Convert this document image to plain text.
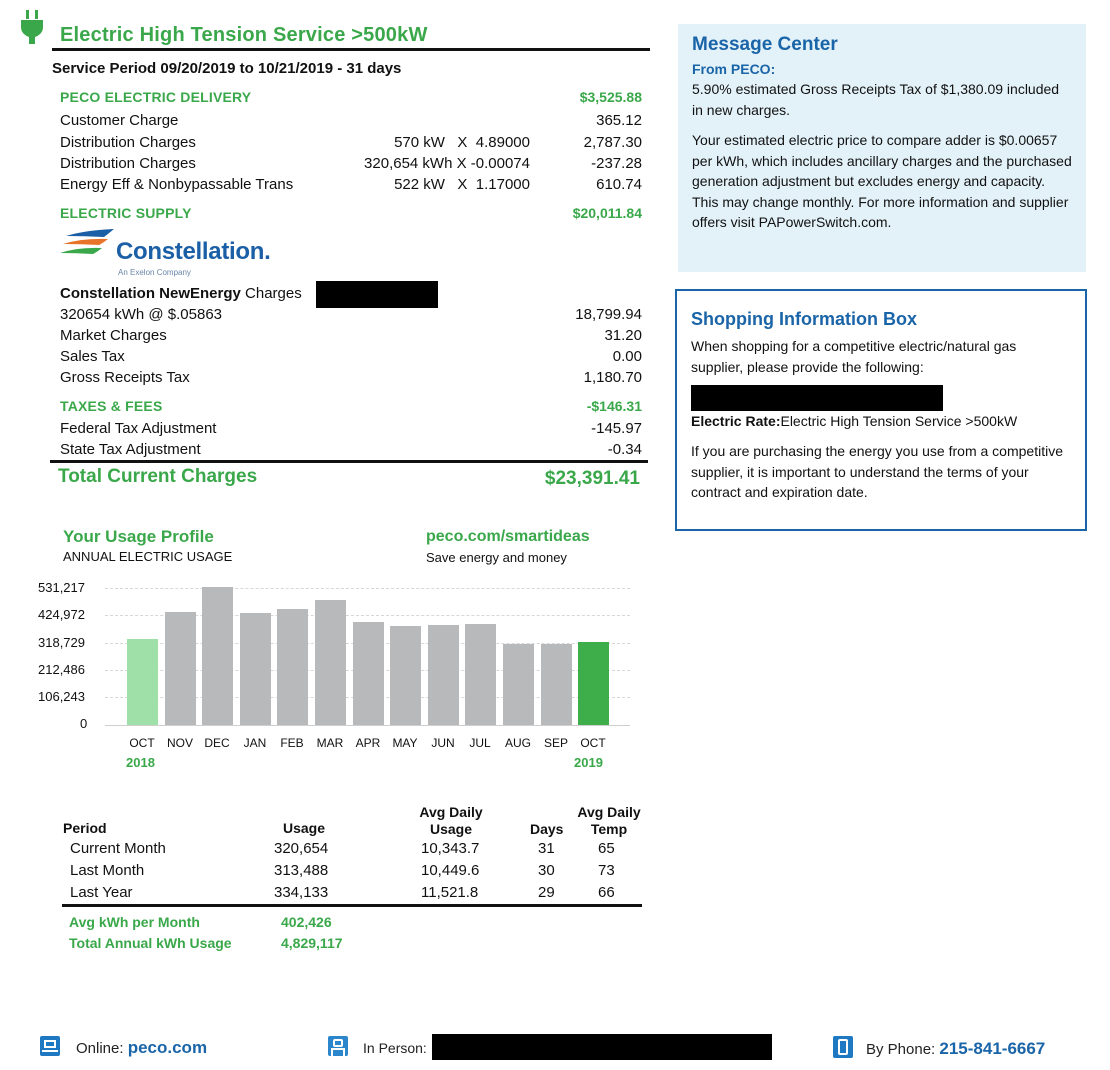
Electric High Tension Service >500kW
Service Period 09/20/2019 to 10/21/2019 - 31 days
PECO ELECTRIC DELIVERY	$3,525.88
Customer Charge	365.12
Distribution Charges	570 kW   X  4.89000	2,787.30
Distribution Charges	320,654 kWh X -0.00074	-237.28
Energy Eff & Nonbypassable Trans	522 kW   X  1.17000	610.74
ELECTRIC SUPPLY	$20,011.84
Constellation.
An Exelon Company
Constellation NewEnergy Charges
320654 kWh @ $.05863	18,799.94
Market Charges	31.20
Sales Tax	0.00
Gross Receipts Tax	1,180.70
TAXES & FEES	-$146.31
Federal Tax Adjustment	-145.97
State Tax Adjustment	-0.34
Total Current Charges	$23,391.41
Message Center
From PECO:
5.90% estimated Gross Receipts Tax of $1,380.09 included in new charges.
Your estimated electric price to compare adder is $0.00657 per kWh, which includes ancillary charges and the purchased generation adjustment but excludes energy and capacity. This may change monthly. For more information and supplier offers visit PAPowerSwitch.com.
Shopping Information Box
When shopping for a competitive electric/natural gas supplier, please provide the following:
Electric Rate:Electric High Tension Service >500kW
If you are purchasing the energy you use from a competitive supplier, it is important to understand the terms of your contract and expiration date.
Your Usage Profile
ANNUAL ELECTRIC USAGE
peco.com/smartideas
Save energy and money
531,217
424,972
318,729
212,486
106,243
0
OCT	NOV DEC	JAN	FEB	MAR	APR	MAY	JUN	JUL	AUG	SEP	OCT
2018	2019
Period	Usage
Avg Daily
Usage	Days
Avg Daily
Temp
Current Month	320,654	10,343.7	31	65
Last Month	313,488	10,449.6	30	73
Last Year	334,133	11,521.8	29	66
Avg kWh per Month	402,426
Total Annual kWh Usage	4,829,117
Online: peco.com	In Person:	By Phone: 215-841-6667
